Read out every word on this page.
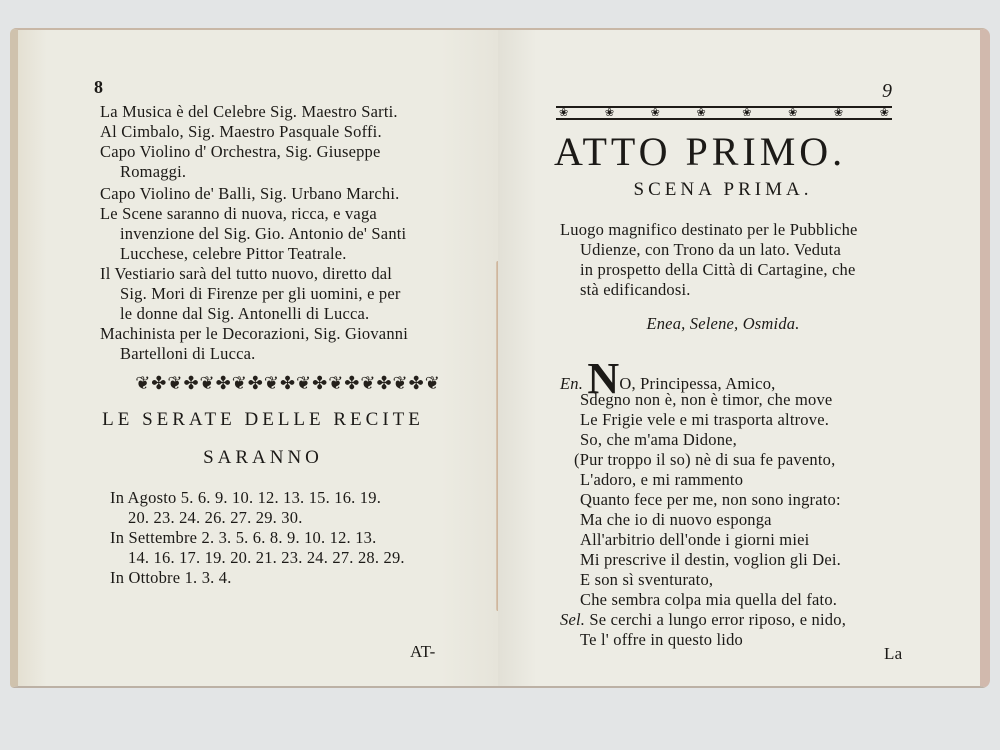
8
La Musica è del Celebre Sig. Maestro Sarti.
Al Cimbalo, Sig. Maestro Pasquale Soffi.
Capo Violino d' Orchestra, Sig. Giuseppe
Romaggi.
Capo Violino de' Balli, Sig. Urbano Marchi.
Le Scene saranno di nuova, ricca, e vaga
invenzione del Sig. Gio. Antonio de' Santi
Lucchese, celebre Pittor Teatrale.
Il Vestiario sarà del tutto nuovo, diretto dal
Sig. Mori di Firenze per gli uomini, e per
le donne dal Sig. Antonelli di Lucca.
Machinista per le Decorazioni, Sig. Giovanni
Bartelloni di Lucca.
❦✤❦✤❦✤❦✤❦✤❦✤❦✤❦✤❦✤❦
LE SERATE DELLE RECITE
SARANNO
In Agosto 5. 6. 9. 10. 12. 13. 15. 16. 19.
20. 23. 24. 26. 27. 29. 30.
In Settembre 2. 3. 5. 6. 8. 9. 10. 12. 13.
14. 16. 17. 19. 20. 21. 23. 24. 27. 28. 29.
In Ottobre 1. 3. 4.
AT-
9
❀	❀	❀	❀	❀	❀	❀	❀
ATTO PRIMO.
SCENA PRIMA.
Luogo magnifico destinato per le Pubbliche
Udienze, con Trono da un lato. Veduta
in prospetto della Città di Cartagine, che
stà edificandosi.
Enea, Selene, Osmida.
En. NO, Principessa, Amico,
Sdegno non è, non è timor, che move
Le Frigie vele e mi trasporta altrove.
So, che m'ama Didone,
(Pur troppo il so) nè di sua fe pavento,
L'adoro, e mi rammento
Quanto fece per me, non sono ingrato:
Ma che io di nuovo esponga
All'arbitrio dell'onde i giorni miei
Mi prescrive il destin, voglion gli Dei.
E son sì sventurato,
Che sembra colpa mia quella del fato.
Sel. Se cerchi a lungo error riposo, e nido,
Te l' offre in questo lido
La
